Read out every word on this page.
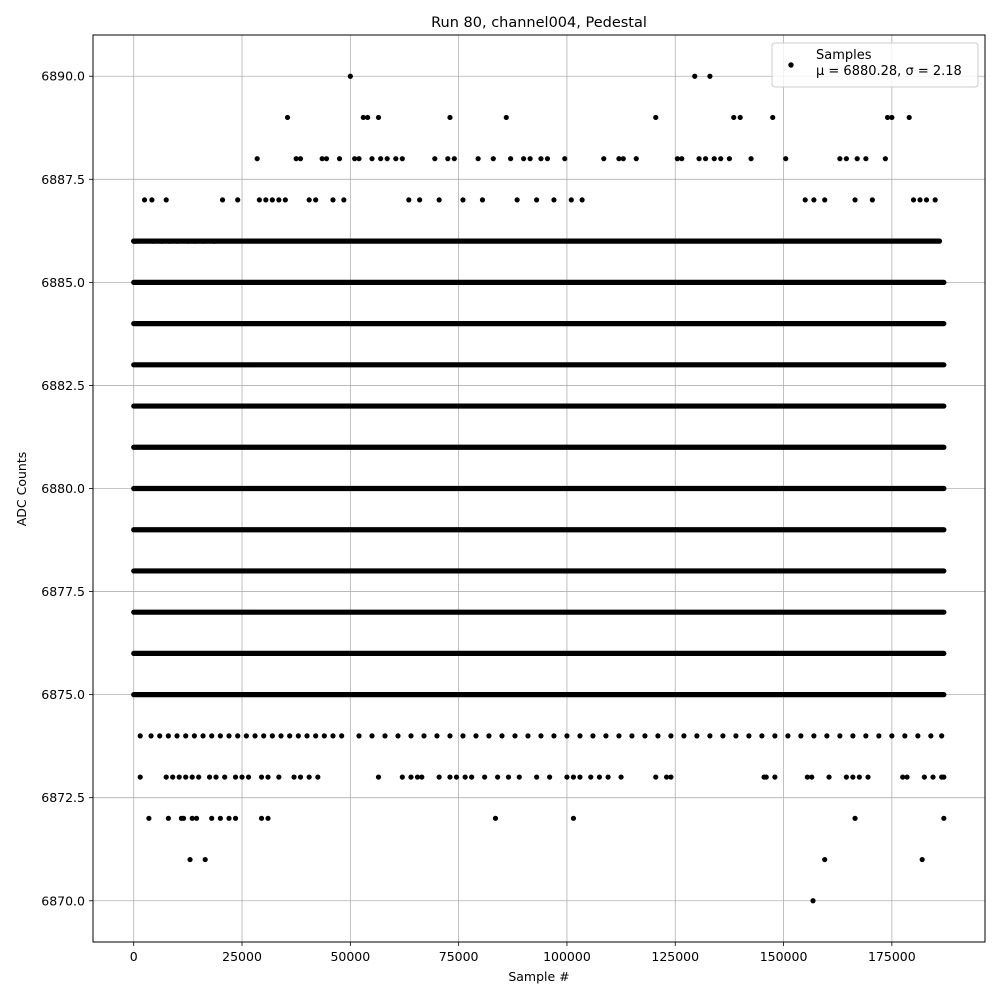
Run 80, channel004, Pedestal
0	25000	50000	75000	100000	125000	150000	175000
6870.0
6872.5
6875.0
6877.5
6880.0
6882.5
6885.0
6887.5
6890.0
Sample #
ADC Counts
Samples
μ = 6880.28, σ = 2.18
